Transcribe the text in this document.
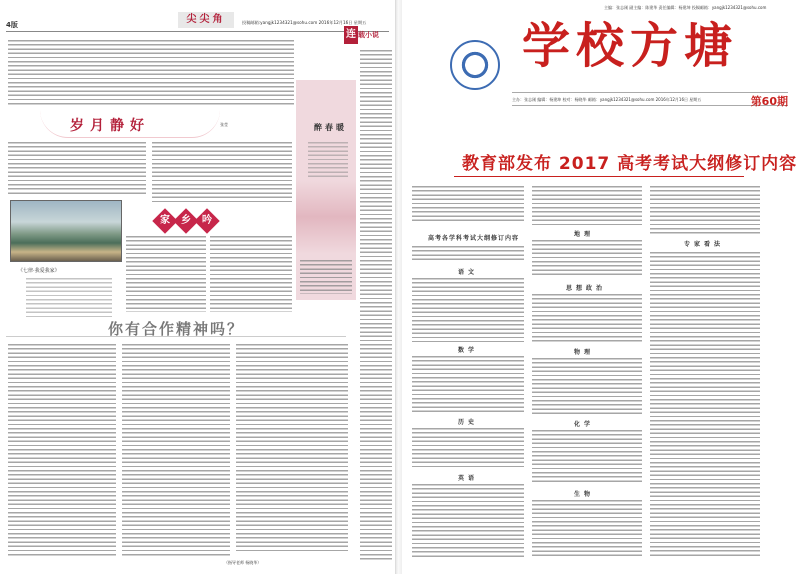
4版	尖尖角	投稿邮箱:yangjk1234321@sohu.com 2016年12月16日 星期五
岁月静好	张莹
《七律·我爱我家》
家	乡	吟
醉春暖
连 载小说
你有合作精神吗？
（指导老师 杨晓华）
主编：张志刚 副主编：陈建华 责任编辑：杨建坤 投稿邮箱：yangjk1234321@sohu.com
学校方塘
主办：张志刚 编辑：杨建坤 校对：杨晓华 邮箱：yangjk1234321@sohu.com 2016年12月16日 星期五	第60期
教育部发布 2017 高考考试大纲修订内容
高考各学科考试大纲修订内容
语文
数学
历史
英语
地理
思想政治
物理
化学
生物
专家看法
